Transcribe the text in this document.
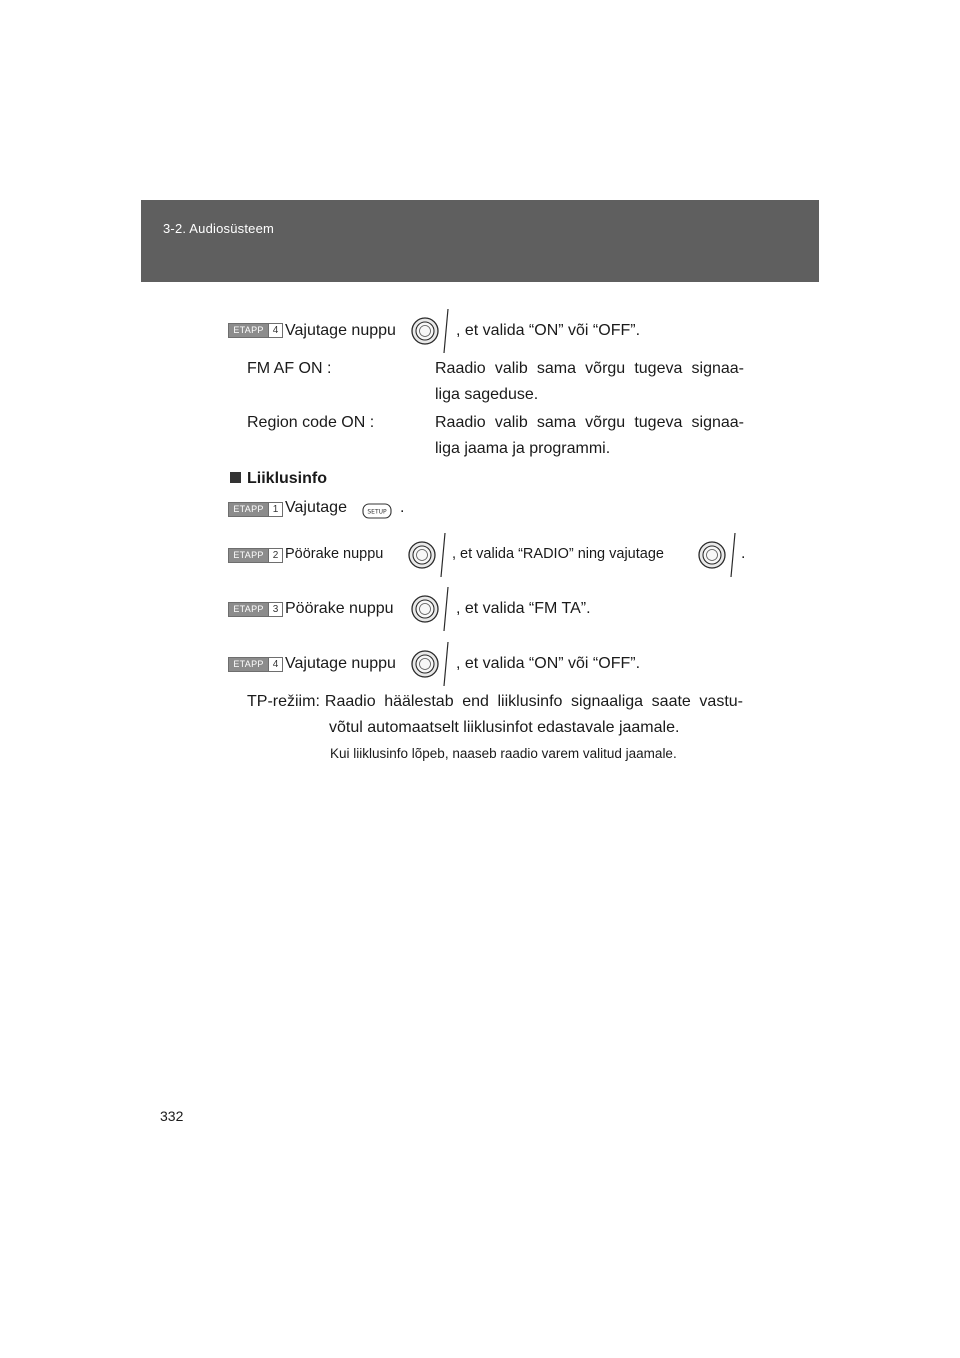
3-2. Audiosüsteem
ETAPP 4 Vajutage nuppu	, et valida “ON” või “OFF”.
FM AF ON :	Raadio valib sama võrgu tugeva signaa-
liga sageduse.
Region code ON :	Raadio valib sama võrgu tugeva signaa-
liga jaama ja programmi.
Liiklusinfo
ETAPP 1 Vajutage	SETUP .
ETAPP 2 Pöörake nuppu	, et valida “RADIO” ning vajutage	.
ETAPP 3 Pöörake nuppu	, et valida “FM TA”.
ETAPP 4 Vajutage nuppu	, et valida “ON” või “OFF”.
TP-režiim: Raadio häälestab end liiklusinfo signaaliga saate vastu-
võtul automaatselt liiklusinfot edastavale jaamale.
Kui liiklusinfo lõpeb, naaseb raadio varem valitud jaamale.
332
